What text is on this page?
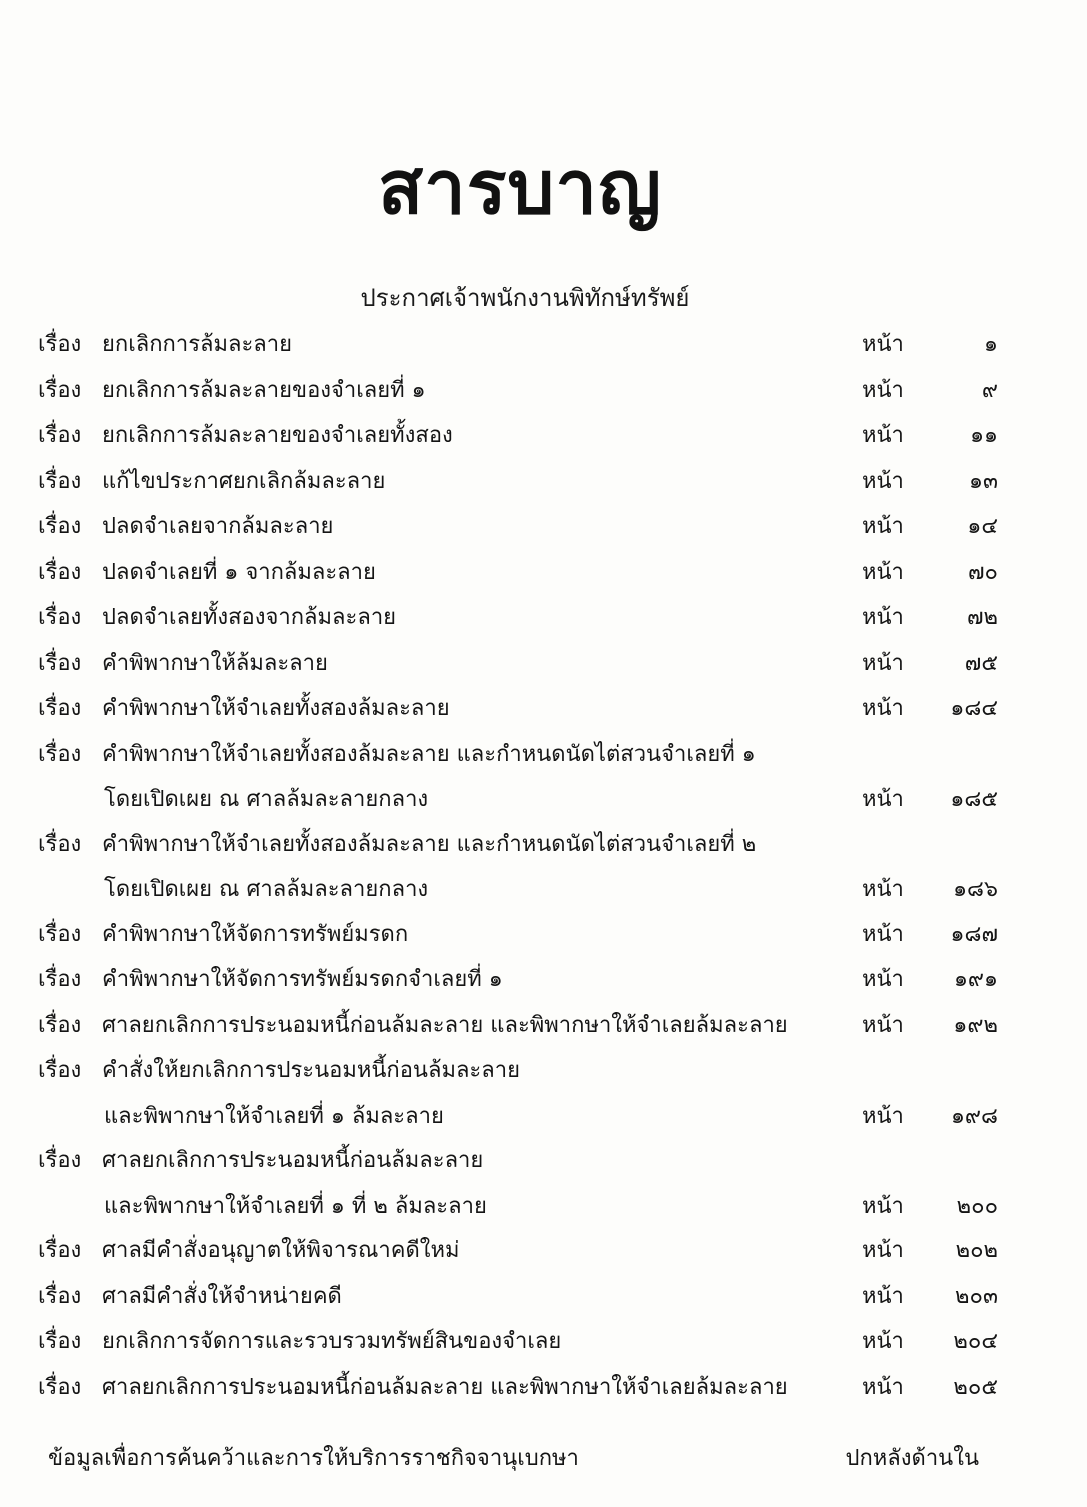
สารบาญ
ประกาศเจ้าพนักงานพิทักษ์ทรัพย์
เรื่อง ยกเลิกการล้มละลาย	หน้า	๑
เรื่อง ยกเลิกการล้มละลายของจำเลยที่ ๑	หน้า	๙
เรื่อง ยกเลิกการล้มละลายของจำเลยทั้งสอง	หน้า	๑๑
เรื่อง แก้ไขประกาศยกเลิกล้มละลาย	หน้า	๑๓
เรื่อง ปลดจำเลยจากล้มละลาย	หน้า	๑๔
เรื่อง ปลดจำเลยที่ ๑ จากล้มละลาย	หน้า	๗๐
เรื่อง ปลดจำเลยทั้งสองจากล้มละลาย	หน้า	๗๒
เรื่อง คำพิพากษาให้ล้มละลาย	หน้า	๗๕
เรื่อง คำพิพากษาให้จำเลยทั้งสองล้มละลาย	หน้า	๑๘๔
เรื่อง คำพิพากษาให้จำเลยทั้งสองล้มละลาย และกำหนดนัดไต่สวนจำเลยที่ ๑
โดยเปิดเผย ณ ศาลล้มละลายกลาง	หน้า	๑๘๕
เรื่อง คำพิพากษาให้จำเลยทั้งสองล้มละลาย และกำหนดนัดไต่สวนจำเลยที่ ๒
โดยเปิดเผย ณ ศาลล้มละลายกลาง	หน้า	๑๘๖
เรื่อง คำพิพากษาให้จัดการทรัพย์มรดก	หน้า	๑๘๗
เรื่อง คำพิพากษาให้จัดการทรัพย์มรดกจำเลยที่ ๑	หน้า	๑๙๑
เรื่อง ศาลยกเลิกการประนอมหนี้ก่อนล้มละลาย และพิพากษาให้จำเลยล้มละลาย	หน้า	๑๙๒
เรื่อง คำสั่งให้ยกเลิกการประนอมหนี้ก่อนล้มละลาย
และพิพากษาให้จำเลยที่ ๑ ล้มละลาย	หน้า	๑๙๘
เรื่อง ศาลยกเลิกการประนอมหนี้ก่อนล้มละลาย
และพิพากษาให้จำเลยที่ ๑ ที่ ๒ ล้มละลาย	หน้า	๒๐๐
เรื่อง ศาลมีคำสั่งอนุญาตให้พิจารณาคดีใหม่	หน้า	๒๐๒
เรื่อง ศาลมีคำสั่งให้จำหน่ายคดี	หน้า	๒๐๓
เรื่อง ยกเลิกการจัดการและรวบรวมทรัพย์สินของจำเลย	หน้า	๒๐๔
เรื่อง ศาลยกเลิกการประนอมหนี้ก่อนล้มละลาย และพิพากษาให้จำเลยล้มละลาย	หน้า	๒๐๕
ข้อมูลเพื่อการค้นคว้าและการให้บริการราชกิจจานุเบกษา	ปกหลังด้านใน
